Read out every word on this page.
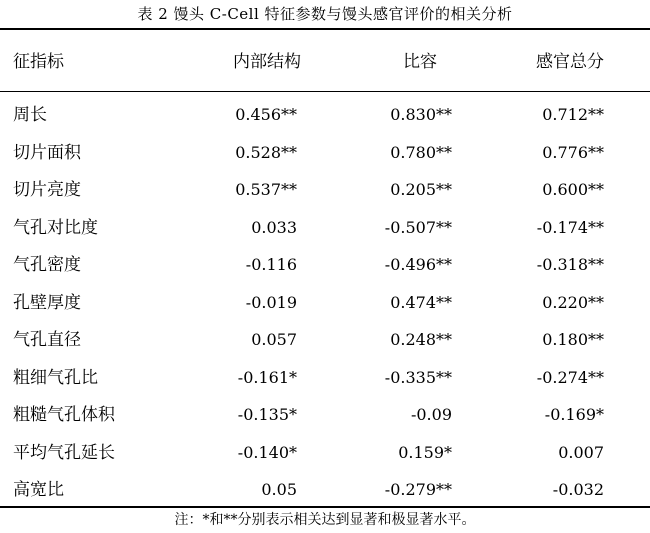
表 2 馒头 C-Cell 特征参数与馒头感官评价的相关分析
征指标	内部结构	比容	感官总分
周长	0.456**	0.830**	0.712**
切片面积	0.528**	0.780**	0.776**
切片亮度	0.537**	0.205**	0.600**
气孔对比度	0.033	-0.507**	-0.174**
气孔密度	-0.116	-0.496**	-0.318**
孔壁厚度	-0.019	0.474**	0.220**
气孔直径	0.057	0.248**	0.180**
粗细气孔比	-0.161*	-0.335**	-0.274**
粗糙气孔体积	-0.135*	-0.09	-0.169*
平均气孔延长	-0.140*	0.159*	0.007
高宽比	0.05	-0.279**	-0.032
注：*和**分别表示相关达到显著和极显著水平。
